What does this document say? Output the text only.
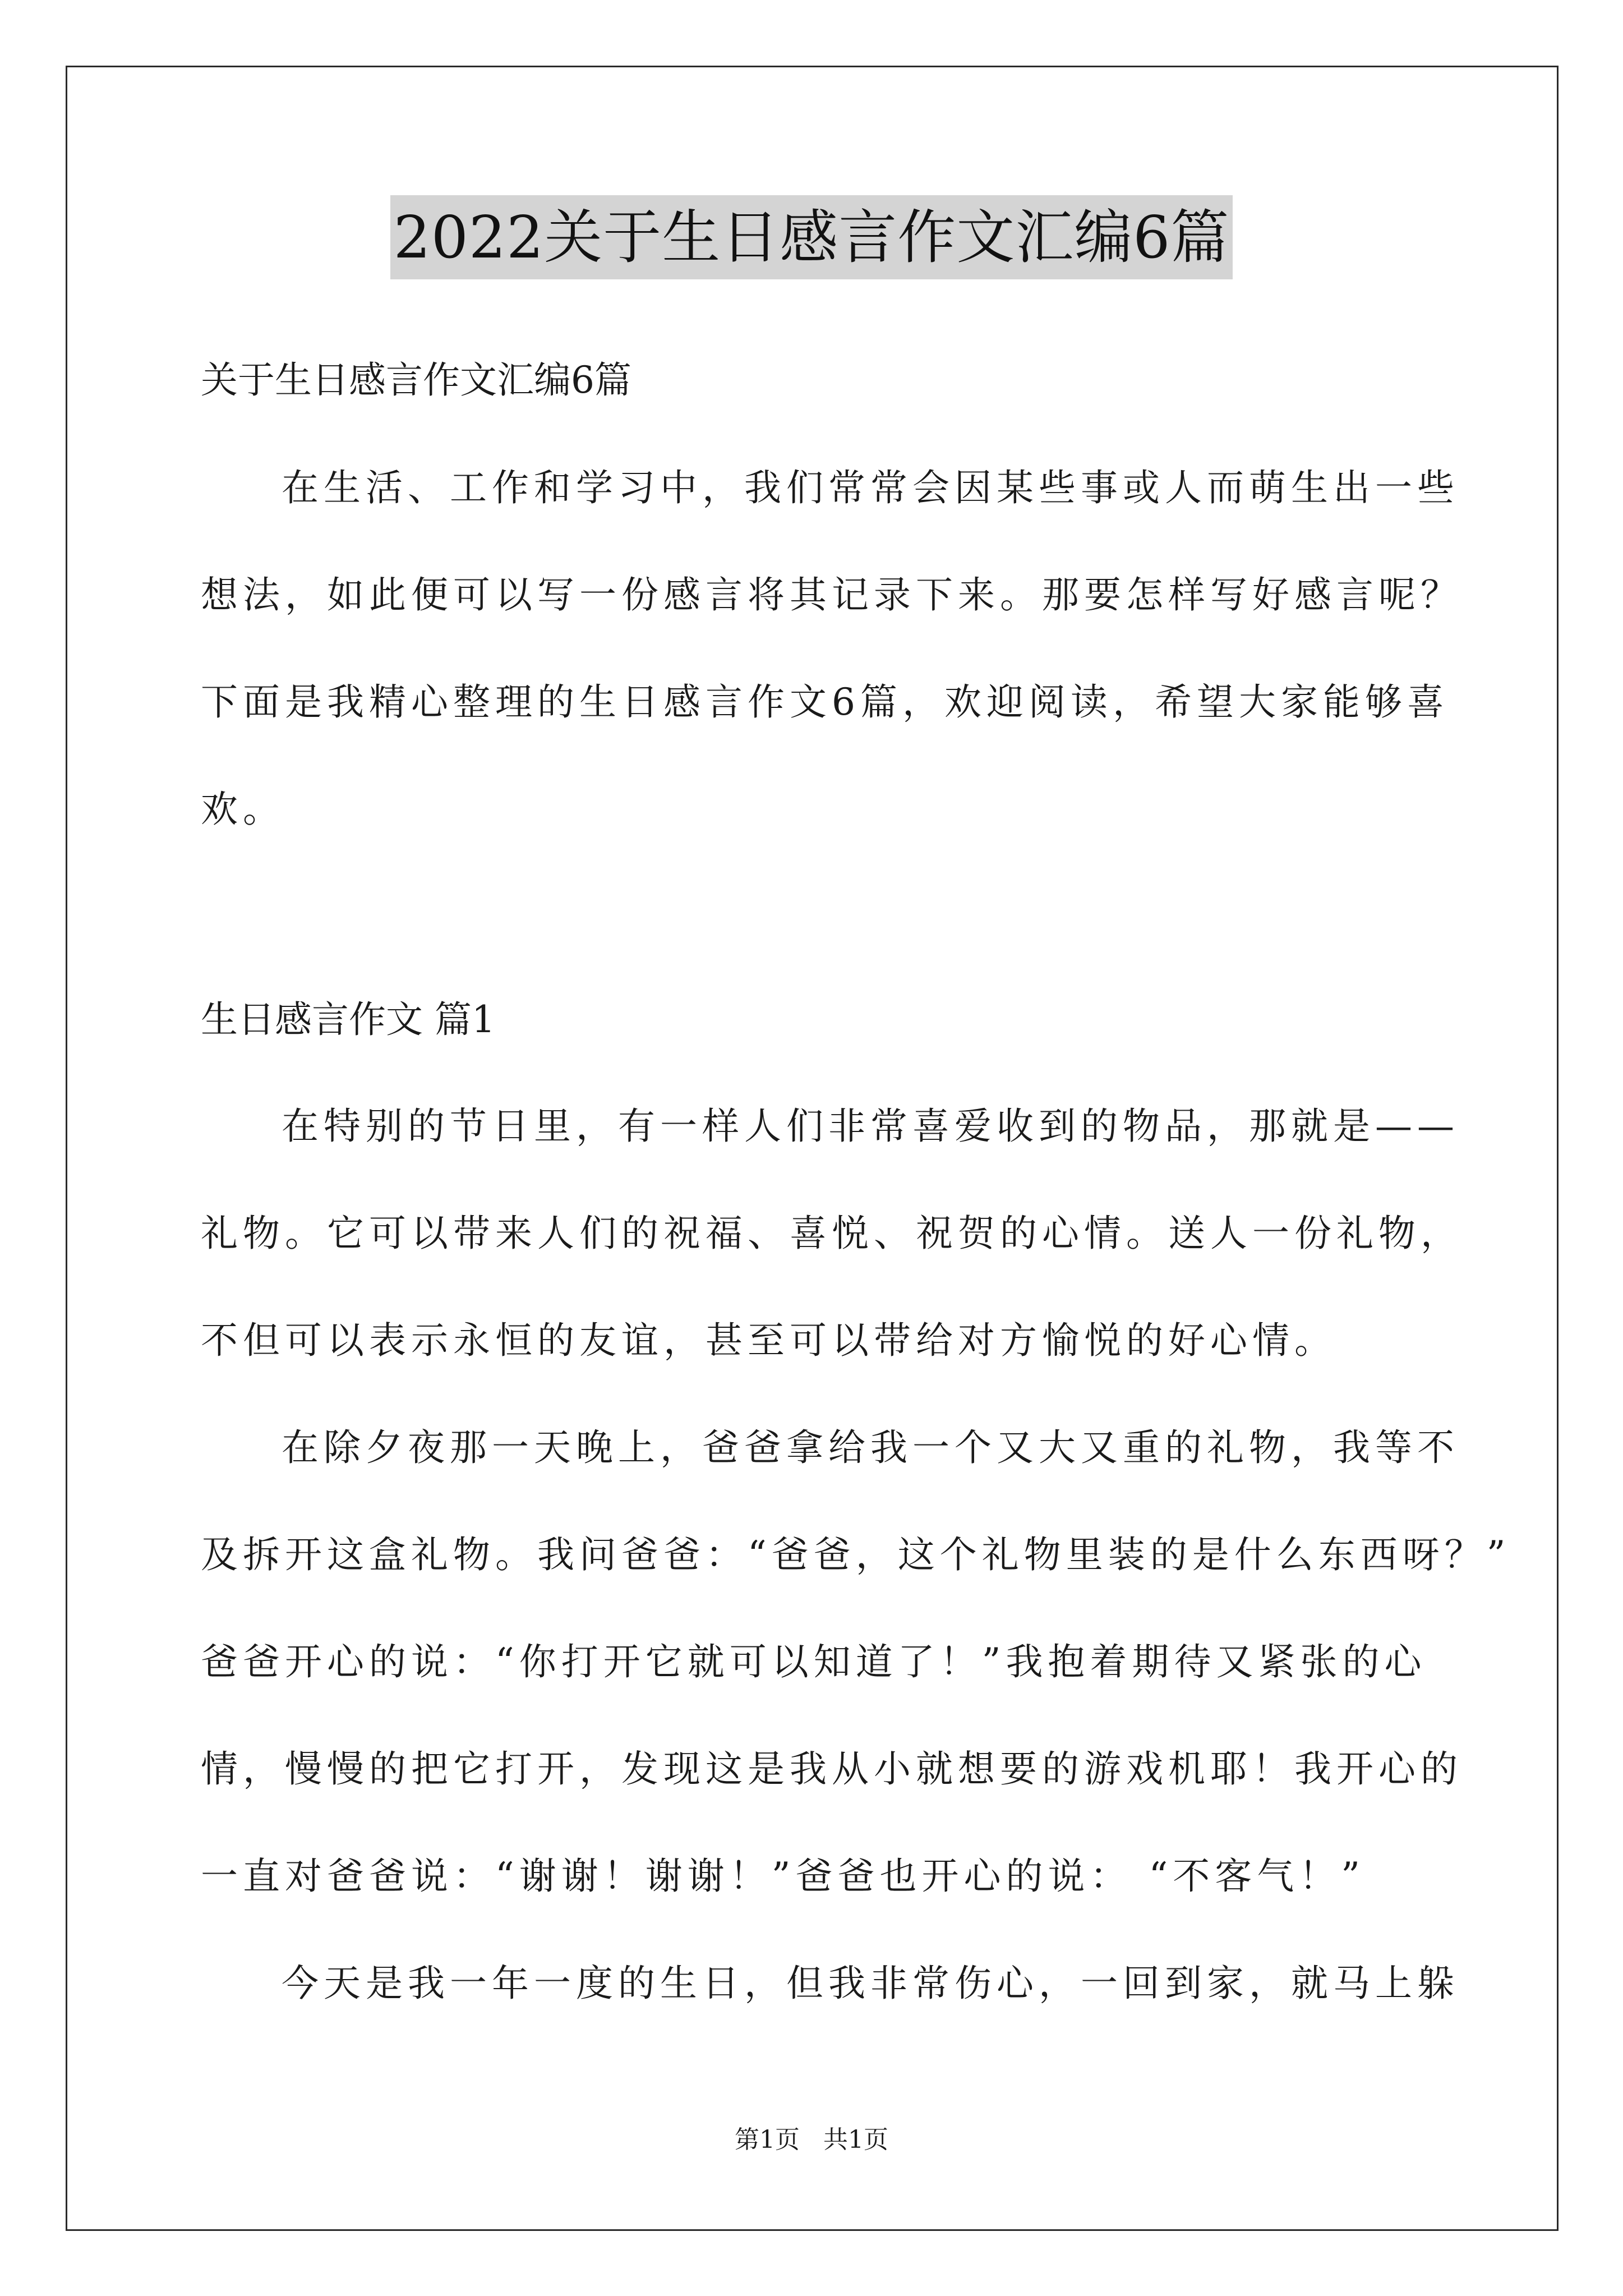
2022关于生日感言作文汇编6篇
关于生日感言作文汇编6篇
在生活、工作和学习中，我们常常会因某些事或人而萌生出一些
想法，如此便可以写一份感言将其记录下来。那要怎样写好感言呢？
下面是我精心整理的生日感言作文6篇，欢迎阅读，希望大家能够喜
欢。
生日感言作文 篇1
在特别的节日里，有一样人们非常喜爱收到的物品，那就是——
礼物。它可以带来人们的祝福、喜悦、祝贺的心情。送人一份礼物，
不但可以表示永恒的友谊，甚至可以带给对方愉悦的好心情。
在除夕夜那一天晚上，爸爸拿给我一个又大又重的礼物，我等不
及拆开这盒礼物。我问爸爸：“爸爸，这个礼物里装的是什么东西呀？”
爸爸开心的说：“你打开它就可以知道了！”我抱着期待又紧张的心
情，慢慢的把它打开，发现这是我从小就想要的游戏机耶！我开心的
一直对爸爸说：“谢谢！谢谢！”爸爸也开心的说： “不客气！”
今天是我一年一度的生日，但我非常伤心，一回到家，就马上躲
第1页   共1页
